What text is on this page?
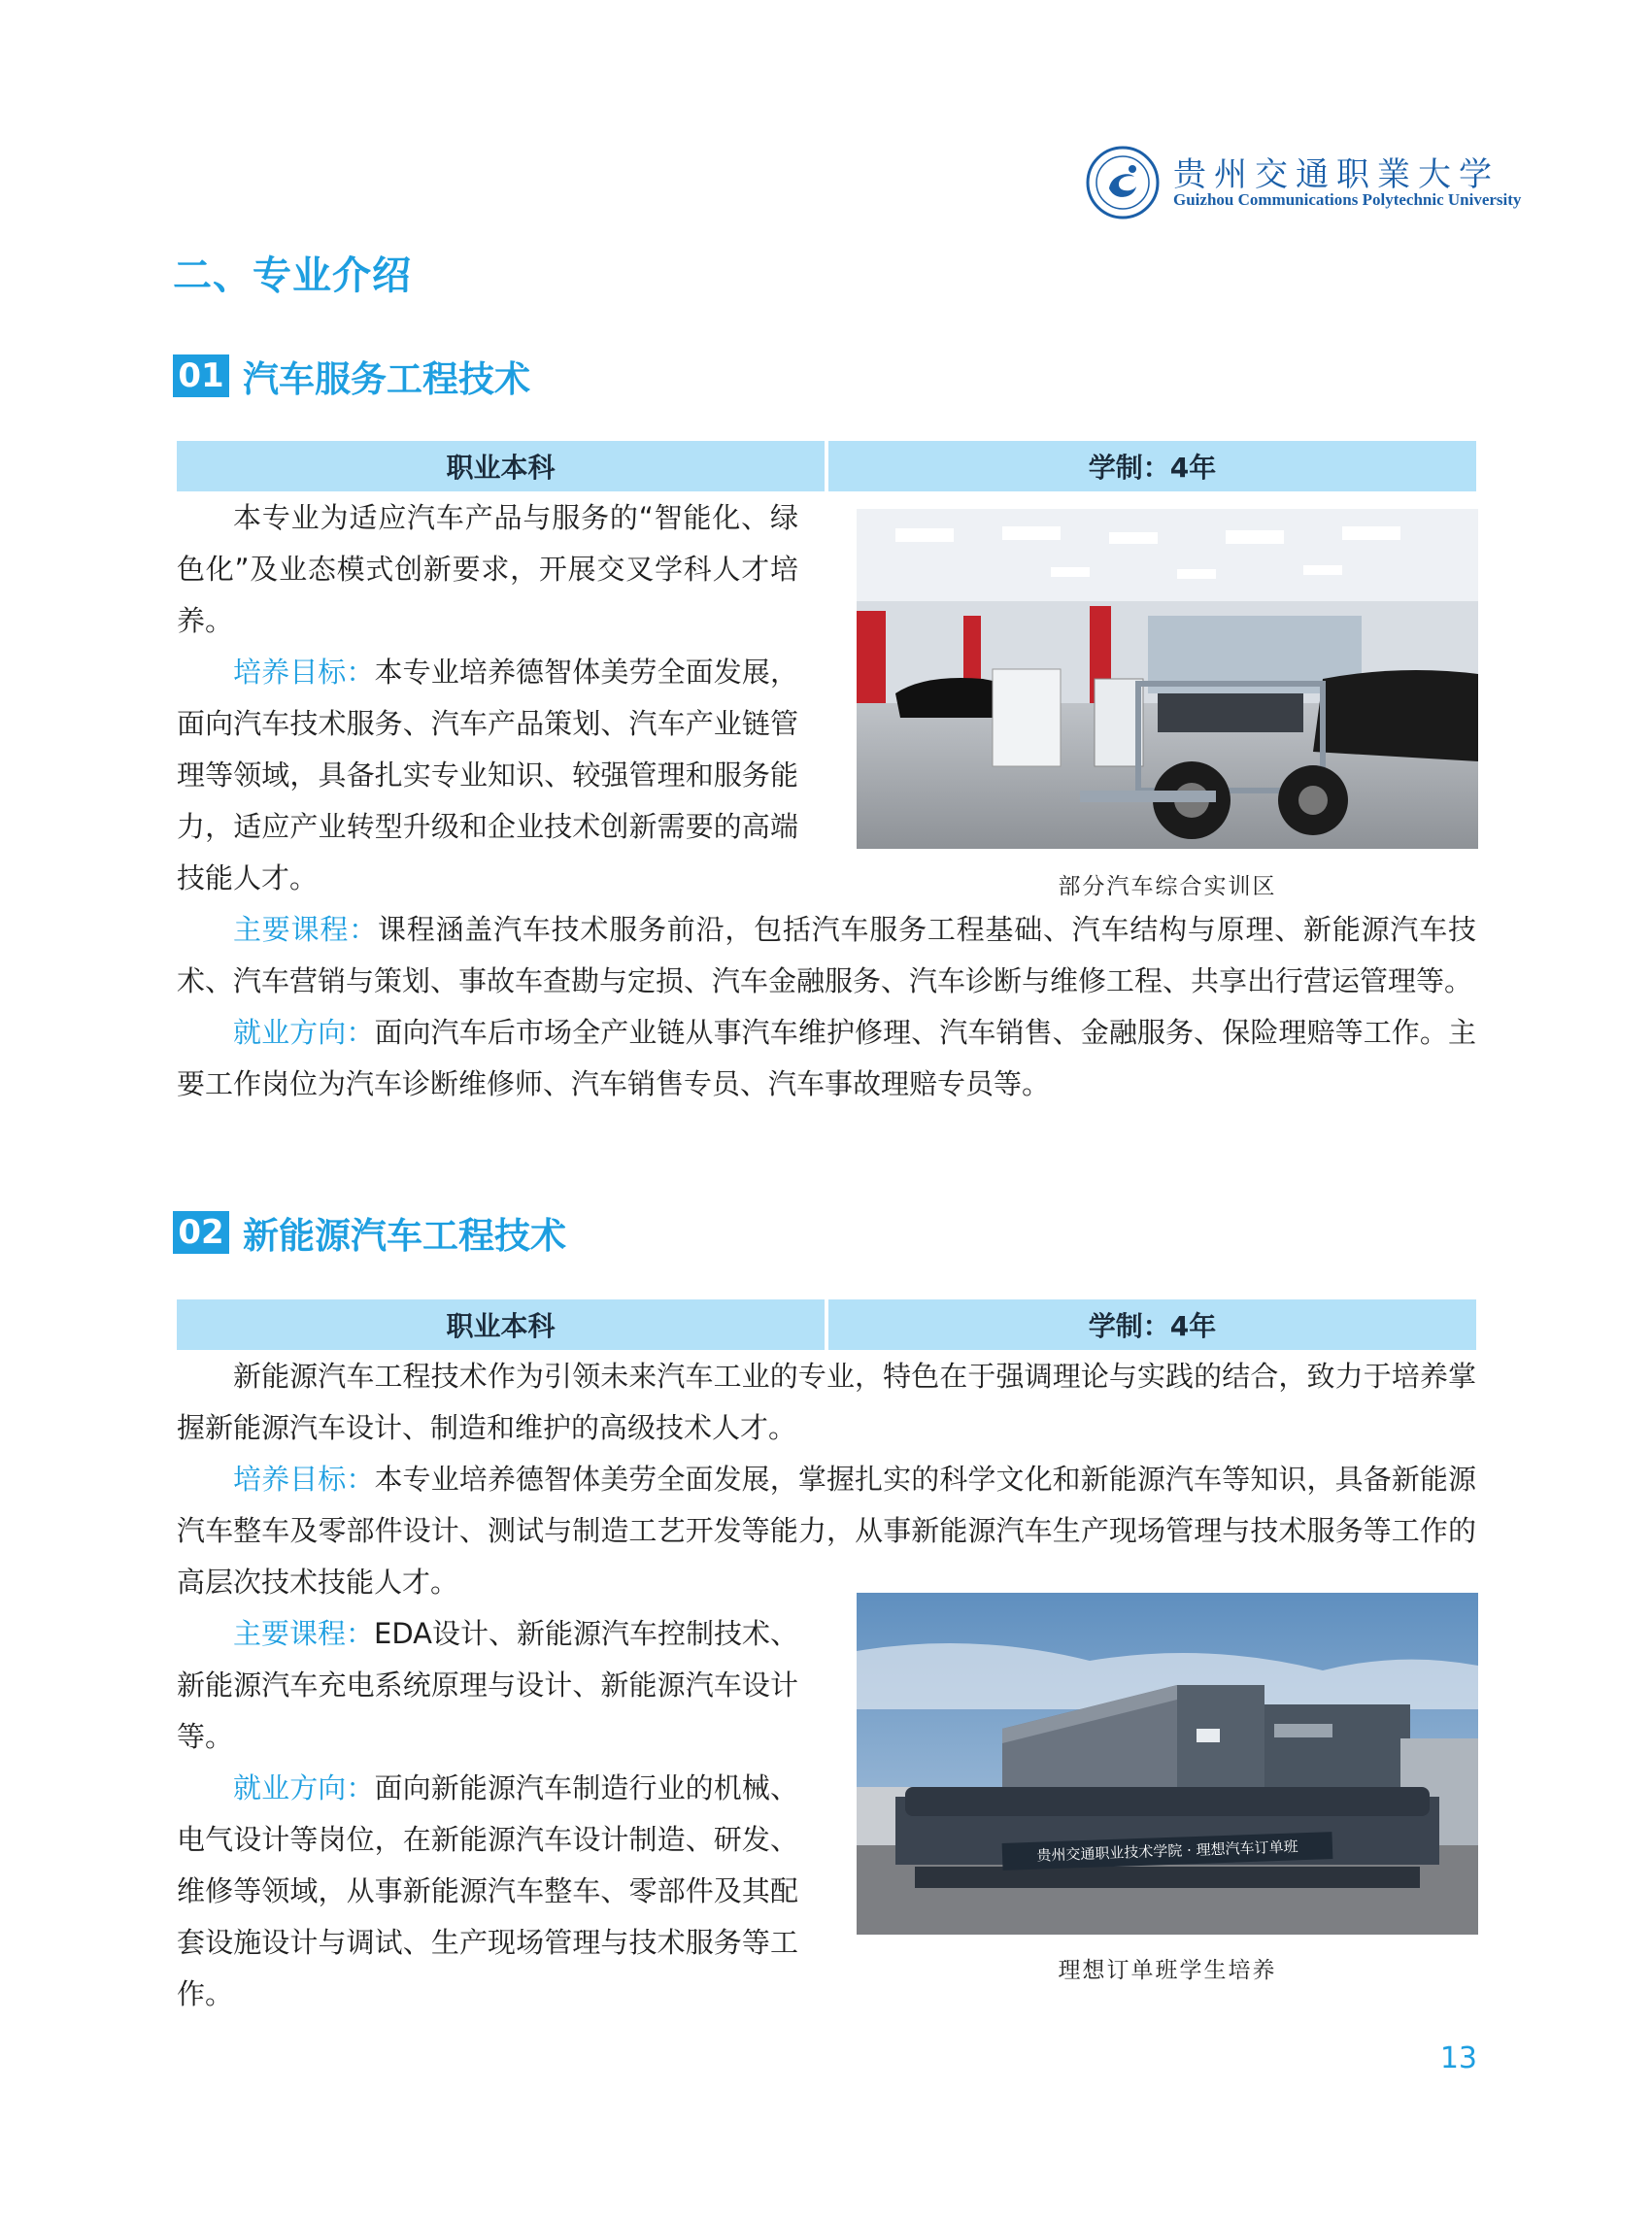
贵州交通职業大学
Guizhou Communications Polytechnic University
二、专业介绍
01 汽车服务工程技术
职业本科	学制：4年

本专业为适应汽车产品与服务的“智能化、绿色化”及业态模式创新要求，开展交叉学科人才培养。

培养目标：本专业培养德智体美劳全面发展，面向汽车技术服务、汽车产品策划、汽车产业链管理等领域，具备扎实专业知识、较强管理和服务能力，适应产业转型升级和企业技术创新需要的高端技能人才。	部分汽车综合实训区

主要课程：课程涵盖汽车技术服务前沿，包括汽车服务工程基础、汽车结构与原理、新能源汽车技术、汽车营销与策划、事故车查勘与定损、汽车金融服务、汽车诊断与维修工程、共享出行营运管理等。

就业方向：面向汽车后市场全产业链从事汽车维护修理、汽车销售、金融服务、保险理赔等工作。主要工作岗位为汽车诊断维修师、汽车销售专员、汽车事故理赔专员等。

02 新能源汽车工程技术
职业本科	学制：4年

新能源汽车工程技术作为引领未来汽车工业的专业，特色在于强调理论与实践的结合，致力于培养掌握新能源汽车设计、制造和维护的高级技术人才。

培养目标：本专业培养德智体美劳全面发展，掌握扎实的科学文化和新能源汽车等知识，具备新能源汽车整车及零部件设计、测试与制造工艺开发等能力，从事新能源汽车生产现场管理与技术服务等工作的高层次技术技能人才。

主要课程：EDA设计、新能源汽车控制技术、新能源汽车充电系统原理与设计、新能源汽车设计等。

就业方向：面向新能源汽车制造行业的机械、电气设计等岗位，在新能源汽车设计制造、研发、维修等领域，从事新能源汽车整车、零部件及其配套设施设计与调试、生产现场管理与技术服务等工作。

贵州交通职业技术学院 · 理想汽车订单班
理想订单班学生培养
13
